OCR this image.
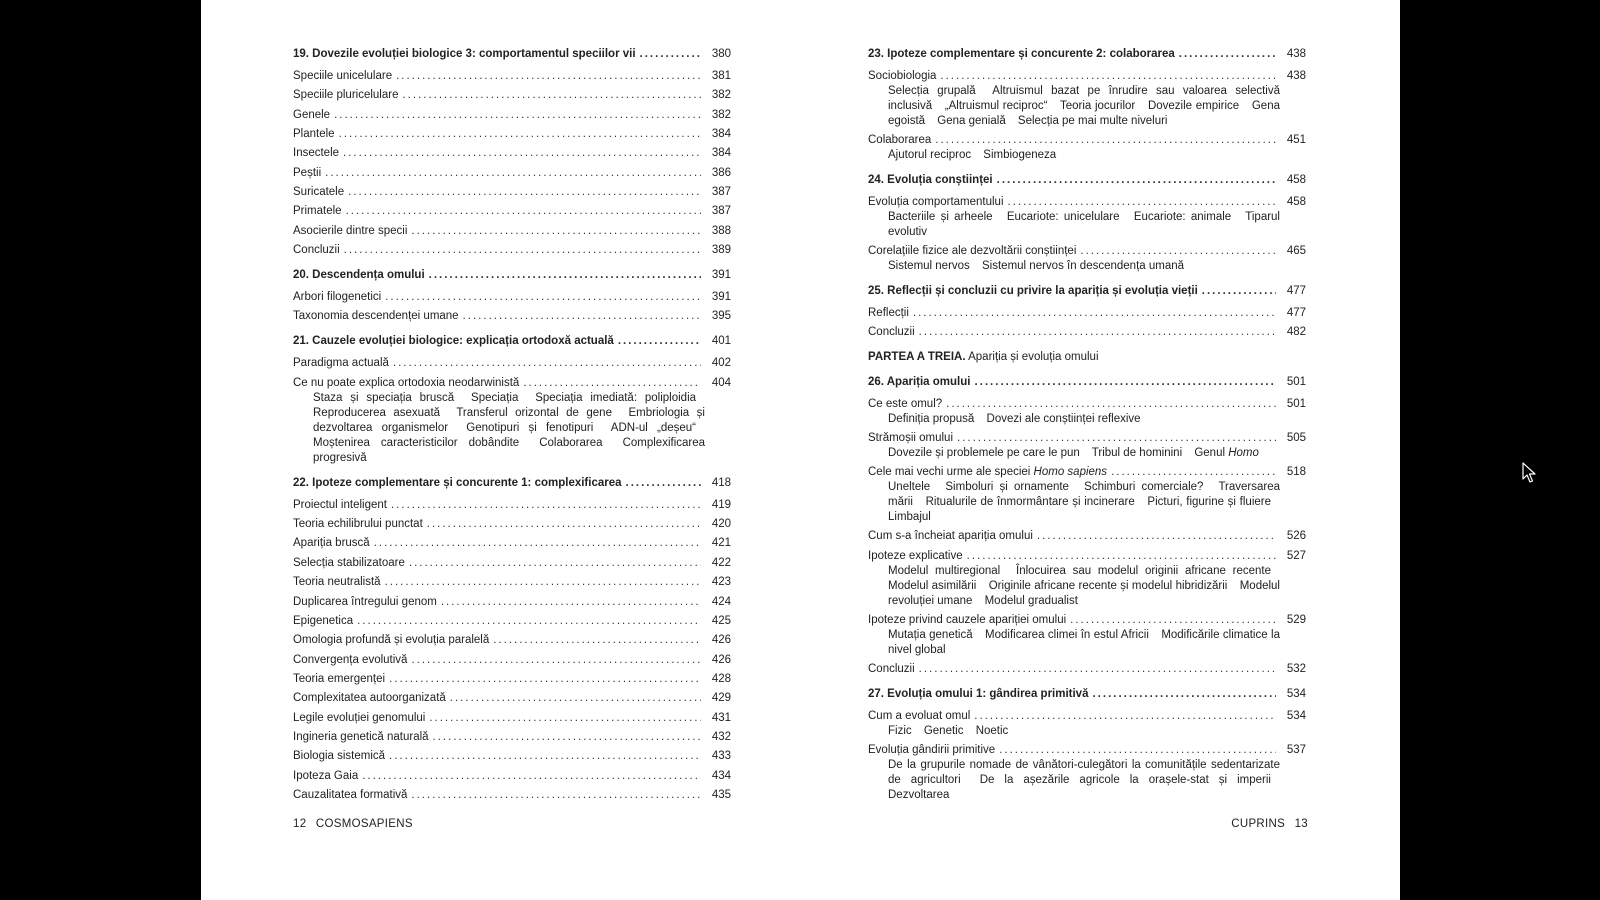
19. Dovezile evoluției biologice 3: comportamentul speciilor vii .....	380
Speciile unicelulare .....	381
Speciile pluricelulare .....	382
Genele .....	382
Plantele .....	384
Insectele .....	384
Peștii .....	386
Suricatele .....	387
Primatele .....	387
Asocierile dintre specii .....	388
Concluzii .....	389
20. Descendența omului .....	391
Arbori filogenetici .....	391
Taxonomia descendenței umane .....	395
21. Cauzele evoluției biologice: explicația ortodoxă actuală .....	401
Paradigma actuală .....	402
Ce nu poate explica ortodoxia neodarwinistă .....	404
Staza și speciația bruscă Speciația Speciația imediată: poliploidia Reproducerea asexuată Transferul orizontal de gene Embriologia și dezvoltarea organismelor Genotipuri și fenotipuri ADN-ul „deșeu“ Moștenirea caracteristicilor dobândite Colaborarea Complexificarea progresivă
22. Ipoteze complementare și concurente 1: complexificarea .....	418
Proiectul inteligent .....	419
Teoria echilibrului punctat .....	420
Apariția bruscă .....	421
Selecția stabilizatoare .....	422
Teoria neutralistă .....	423
Duplicarea întregului genom .....	424
Epigenetica .....	425
Omologia profundă și evoluția paralelă .....	426
Convergența evolutivă .....	426
Teoria emergenței .....	428
Complexitatea autoorganizată .....	429
Legile evoluției genomului .....	431
Ingineria genetică naturală .....	432
Biologia sistemică .....	433
Ipoteza Gaia .....	434
Cauzalitatea formativă .....	435
23. Ipoteze complementare și concurente 2: colaborarea .....	438
Sociobiologia .....	438
Selecția grupală Altruismul bazat pe înrudire sau valoarea selectivă inclusivă „Altruismul reciproc“ Teoria jocurilor Dovezile empirice Gena egoistă Gena genială Selecția pe mai multe niveluri
Colaborarea .....	451
Ajutorul reciproc Simbiogeneza
24. Evoluția conștiinței .....	458
Evoluția comportamentului .....	458
Bacteriile și arheele Eucariote: unicelulare Eucariote: animale Tiparul evolutiv
Corelațiile fizice ale dezvoltării conștiinței .....	465
Sistemul nervos Sistemul nervos în descendența umană
25. Reflecții și concluzii cu privire la apariția și evoluția vieții .....	477
Reflecții .....	477
Concluzii .....	482
PARTEA A TREIA. Apariția și evoluția omului
26. Apariția omului .....	501
Ce este omul? .....	501
Definiția propusă Dovezi ale conștiinței reflexive
Strămoșii omului .....	505
Dovezile și problemele pe care le pun Tribul de hominini Genul Homo
Cele mai vechi urme ale speciei Homo sapiens .....	518
Uneltele Simboluri și ornamente Schimburi comerciale? Traversarea mării Ritualurile de înmormântare și incinerare Picturi, figurine și fluiere Limbajul
Cum s-a încheiat apariția omului .....	526
Ipoteze explicative .....	527
Modelul multiregional Înlocuirea sau modelul originii africane recente Modelul asimilării Originile africane recente și modelul hibridizării Modelul revoluției umane Modelul gradualist
Ipoteze privind cauzele apariției omului .....	529
Mutația genetică Modificarea climei în estul Africii Modificările climatice la nivel global
Concluzii .....	532
27. Evoluția omului 1: gândirea primitivă .....	534
Cum a evoluat omul .....	534
Fizic Genetic Noetic
Evoluția gândirii primitive .....	537
De la grupurile nomade de vânători-culegători la comunitățile sedentarizate de agricultori De la așezările agricole la orașele-stat și imperii Dezvoltarea
12 COSMOSAPIENS	CUPRINS 13
